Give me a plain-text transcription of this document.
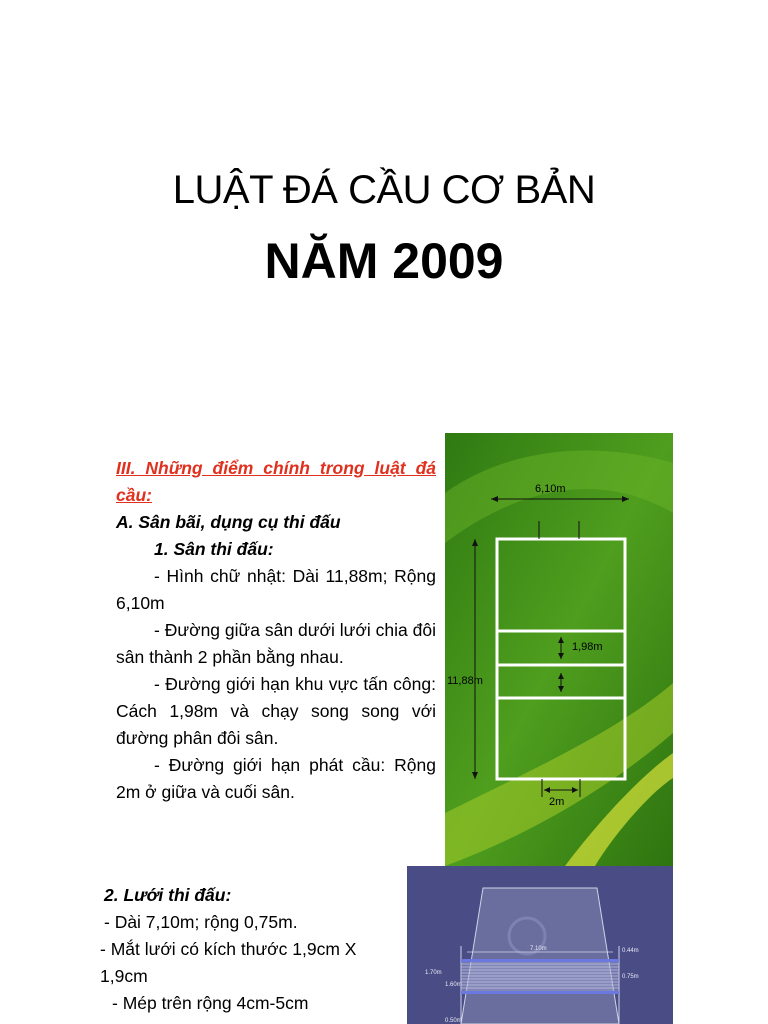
LUẬT ĐÁ CẦU CƠ BẢN
NĂM 2009
III. Những điểm chính trong luật đá cầu:
A. Sân bãi, dụng cụ thi đấu
1. Sân thi đấu:
- Hình chữ nhật: Dài 11,88m; Rộng 6,10m
- Đường giữa sân dưới lưới chia đôi sân thành 2 phần bằng nhau.
- Đường giới hạn khu vực tấn công: Cách 1,98m và chạy song song với đường phân đôi sân.
- Đường giới hạn phát cầu: Rộng 2m ở giữa và cuối sân.
6,10m
11,88m
1,98m
2m
2. Lưới thi đấu:
- Dài 7,10m; rộng 0,75m.
- Mắt lưới có kích thước 1,9cm X 1,9cm
- Mép trên rộng 4cm-5cm
7.10m	0.44m
0.75m
1.70m
1.60m
0.50m
